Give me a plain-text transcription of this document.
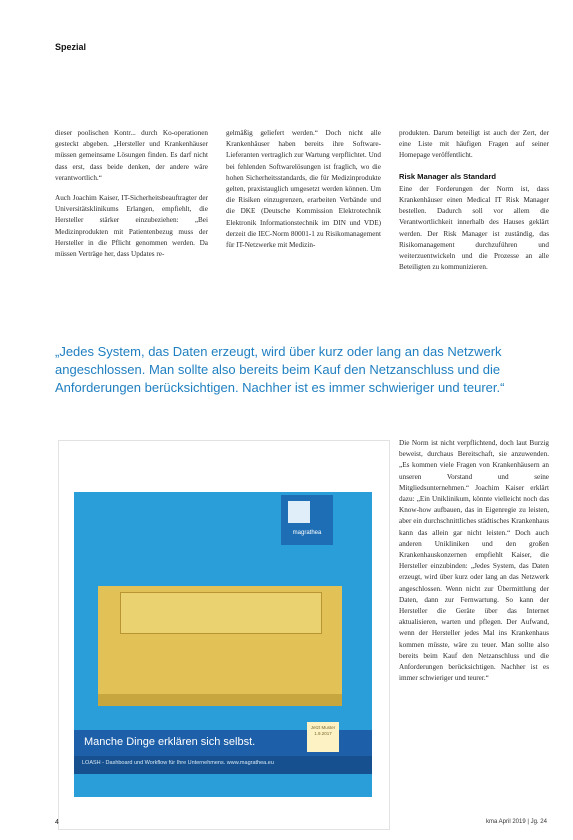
Spezial

dieser poolischen Kontr... durch Ko-operationen gesteckt abgeben. „Hersteller und Krankenhäuser müssen gemeinsame Lösungen finden. Es darf nicht dass erst, dass beide denken, der andere wäre verantwortlich.“

Auch Joachim Kaiser, IT-Sicherheitsbeauftragter der Universitätsklinikums Erlangen, empfiehlt, die Hersteller stärker einzubeziehen: „Bei Medizinprodukten mit Patientenbezug muss der Hersteller in die Pflicht genommen werden. Da müssen Verträge her, dass Updates re-

gelmäßig geliefert werden.“ Doch nicht alle Krankenhäuser haben bereits ihre Software-Lieferanten vertraglich zur Wartung verpflichtet. Und bei fehlenden Softwarelösungen ist fraglich, wo die hohen Sicherheitsstandards, die für Medizinprodukte gelten, praxistauglich umgesetzt werden können. Um die Risiken einzugrenzen, erarbeiten Verbände und die DKE (Deutsche Kommission Elektrotechnik Elektronik Informationstechnik im DIN und VDE) derzeit die IEC-Norm 80001-1 zu Risikomanagement für IT-Netzwerke mit Medizin-

produkten. Darum beteiligt ist auch der Zert, der eine Liste mit häufigen Fragen auf seiner Homepage veröffentlicht.

Risk Manager als Standard

Eine der Forderungen der Norm ist, dass Krankenhäuser einen Medical IT Risk Manager bestellen. Dadurch soll vor allem die Verantwortlichkeit innerhalb des Hauses geklärt werden. Der Risk Manager ist zuständig, das Risikomanagement durchzuführen und weiterzuentwickeln und die Prozesse an alle Beteiligten zu kommunizieren.

„Jedes System, das Daten erzeugt, wird über kurz oder lang an das Netzwerk angeschlossen. Man sollte also bereits beim Kauf den Netzanschluss und die Anforderungen berücksichtigen. Nachher ist es immer schwieriger und teurer.“
magrathea
Manche Dinge erklären sich selbst.
Jetzt Muster 1.9.2017
LOASH - Dashboard und Workflow für Ihre Unternehmens. www.magrathea.eu

Die Norm ist nicht verpflichtend, doch laut Burzig beweist, durchaus Bereitschaft, sie anzuwenden. „Es kommen viele Fragen von Krankenhäusern an unseren Vorstand und seine Mitgliedsunternehmen.“ Joachim Kaiser erklärt dazu: „Ein Uniklinikum, könnte vielleicht noch das Know-how aufbauen, das in Eigenregie zu leisten, aber ein durchschnittliches städtisches Krankenhaus kann das allein gar nicht leisten.“ Doch auch anderen Unikliniken und den großen Krankenhauskonzernen empfiehlt Kaiser, die Hersteller einzubinden: „Jedes System, das Daten erzeugt, wird über kurz oder lang an das Netzwerk angeschlossen. Wenn nicht zur Übermittlung der Daten, dann zur Fernwartung. So kann der Hersteller die Geräte über das Internet aktualisieren, warten und pflegen. Der Aufwand, wenn der Hersteller jedes Mal ins Krankenhaus kommen müsste, wäre zu teuer. Man sollte also bereits beim Kauf den Netzanschluss und die Anforderungen berücksichtigen. Nachher ist es immer schwieriger und teurer.“

4	kma April 2019 | Jg. 24
